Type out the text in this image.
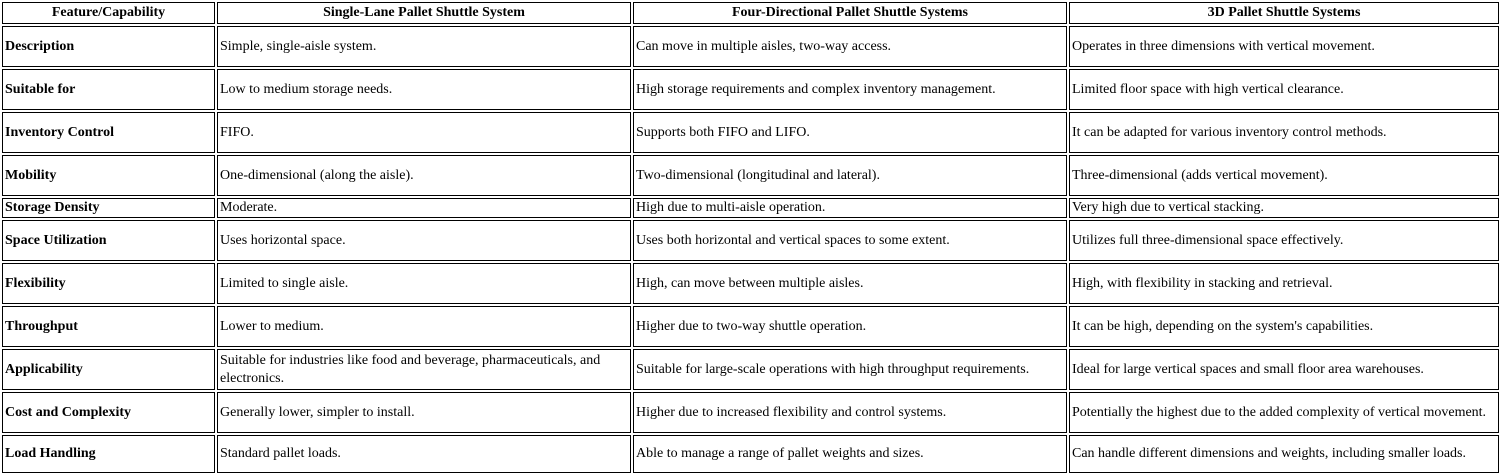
Feature/Capability	Single-Lane Pallet Shuttle System	Four-Directional Pallet Shuttle Systems	3D Pallet Shuttle Systems
Description	Simple, single-aisle system.	Can move in multiple aisles, two-way access.	Operates in three dimensions with vertical movement.
Suitable for	Low to medium storage needs.	High storage requirements and complex inventory management.	Limited floor space with high vertical clearance.
Inventory Control	FIFO.	Supports both FIFO and LIFO.	It can be adapted for various inventory control methods.
Mobility	One-dimensional (along the aisle).	Two-dimensional (longitudinal and lateral).	Three-dimensional (adds vertical movement).
Storage Density	Moderate.	High due to multi-aisle operation.	Very high due to vertical stacking.
Space Utilization	Uses horizontal space.	Uses both horizontal and vertical spaces to some extent.	Utilizes full three-dimensional space effectively.
Flexibility	Limited to single aisle.	High, can move between multiple aisles.	High, with flexibility in stacking and retrieval.
Throughput	Lower to medium.	Higher due to two-way shuttle operation.	It can be high, depending on the system's capabilities.
Applicability	Suitable for industries like food and beverage, pharmaceuticals, and electronics.	Suitable for large-scale operations with high throughput requirements.	Ideal for large vertical spaces and small floor area warehouses.
Cost and Complexity	Generally lower, simpler to install.	Higher due to increased flexibility and control systems.	Potentially the highest due to the added complexity of vertical movement.
Load Handling	Standard pallet loads.	Able to manage a range of pallet weights and sizes.	Can handle different dimensions and weights, including smaller loads.
